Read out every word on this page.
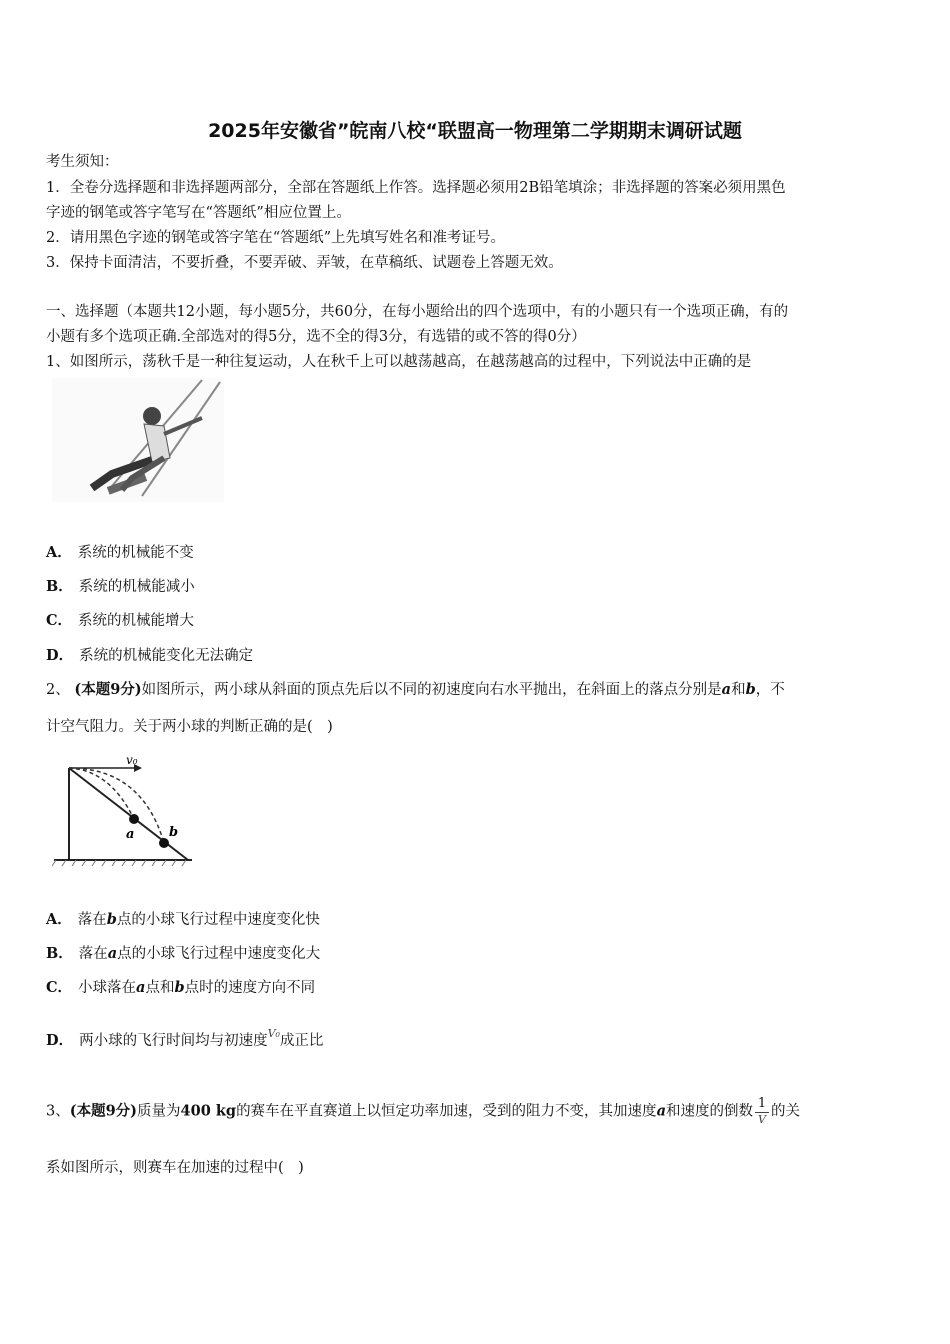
2025年安徽省”皖南八校“联盟高一物理第二学期期末调研试题
考生须知：
1．全卷分选择题和非选择题两部分，全部在答题纸上作答。选择题必须用2B铅笔填涂；非选择题的答案必须用黑色
字迹的钢笔或答字笔写在“答题纸”相应位置上。
2．请用黑色字迹的钢笔或答字笔在“答题纸”上先填写姓名和准考证号。
3．保持卡面清洁，不要折叠，不要弄破、弄皱，在草稿纸、试题卷上答题无效。
一、选择题（本题共12小题，每小题5分，共60分，在每小题给出的四个选项中，有的小题只有一个选项正确，有的
小题有多个选项正确.全部选对的得5分，选不全的得3分，有选错的或不答的得0分）
1、如图所示，荡秋千是一种往复运动，人在秋千上可以越荡越高，在越荡越高的过程中，下列说法中正确的是
A． 系统的机械能不变
B． 系统的机械能减小
C． 系统的机械能增大
D． 系统的机械能变化无法确定
2、 (本题9分)如图所示，两小球从斜面的顶点先后以不同的初速度向右水平抛出，在斜面上的落点分别是a和b，不
计空气阻力。关于两小球的判断正确的是(　)
v₀
a	b
A． 落在b点的小球飞行过程中速度变化快
B． 落在a点的小球飞行过程中速度变化大
C． 小球落在a点和b点时的速度方向不同
D． 两小球的飞行时间均与初速度$^{V_0}$成正比
3、(本题9分)质量为400 kg的赛车在平直赛道上以恒定功率加速，受到的阻力不变，其加速度a和速度的倒数 1
V 的关
系如图所示，则赛车在加速的过程中(　)
